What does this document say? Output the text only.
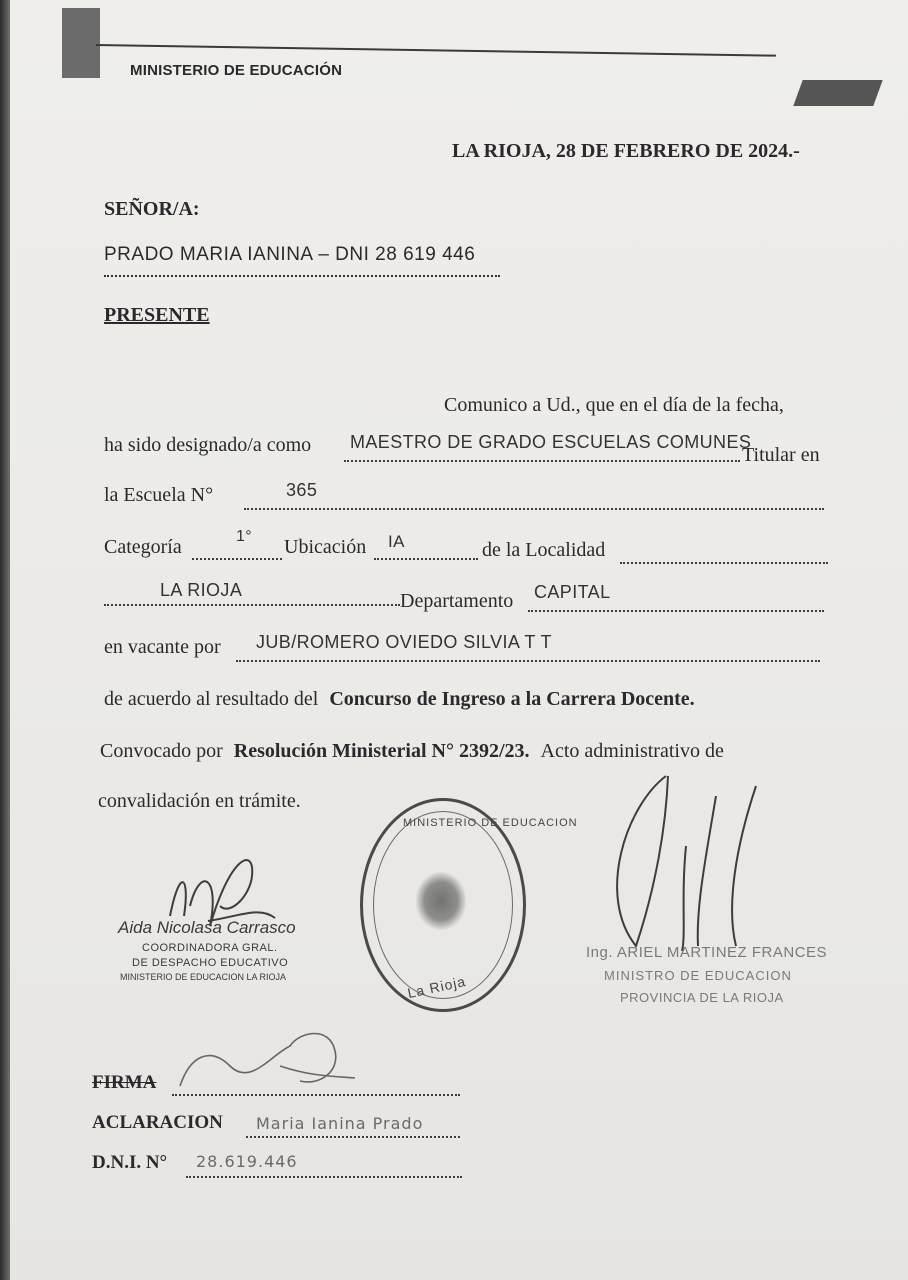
MINISTERIO DE EDUCACIÓN
LA RIOJA, 28 DE FEBRERO DE 2024.-
SEÑOR/A:
PRADO MARIA IANINA – DNI 28 619 446
PRESENTE
Comunico a Ud., que en el día de la fecha,
ha sido designado/a como MAESTRO DE GRADO ESCUELAS COMUNES
Titular en
la Escuela N°	365
Categoría	1° Ubicación IA	de la Localidad
LA RIOJA	Departamento CAPITAL
en vacante por JUB/ROMERO OVIEDO SILVIA T T
de acuerdo al resultado del Concurso de Ingreso a la Carrera Docente.
Convocado por Resolución Ministerial N° 2392/23. Acto administrativo de
convalidación en trámite.
Aida Nicolasa Carrasco
COORDINADORA GRAL.
DE DESPACHO EDUCATIVO
MINISTERIO DE EDUCACION LA RIOJA
MINISTERIO DE EDUCACION
La Rioja
Ing. ARIEL MARTINEZ FRANCES
MINISTRO DE EDUCACION
PROVINCIA DE LA RIOJA
FIRMA
ACLARACION Maria Ianina Prado
D.N.I. N° 28.619.446
